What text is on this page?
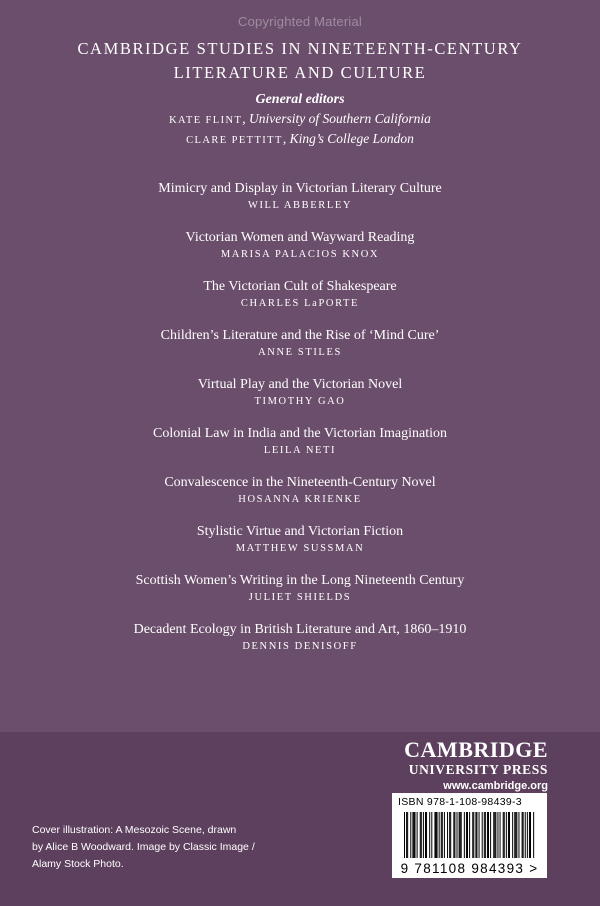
Copyrighted Material
CAMBRIDGE STUDIES IN NINETEENTH-CENTURY
LITERATURE AND CULTURE
General editors
KATE FLINT, University of Southern California
CLARE PETTITT, King’s College London
Mimicry and Display in Victorian Literary Culture
WILL ABBERLEY
Victorian Women and Wayward Reading
MARISA PALACIOS KNOX
The Victorian Cult of Shakespeare
CHARLES LaPORTE
Children’s Literature and the Rise of ‘Mind Cure’
ANNE STILES
Virtual Play and the Victorian Novel
TIMOTHY GAO
Colonial Law in India and the Victorian Imagination
LEILA NETI
Convalescence in the Nineteenth-Century Novel
HOSANNA KRIENKE
Stylistic Virtue and Victorian Fiction
MATTHEW SUSSMAN
Scottish Women’s Writing in the Long Nineteenth Century
JULIET SHIELDS
Decadent Ecology in British Literature and Art, 1860–1910
DENNIS DENISOFF
CAMBRIDGE
UNIVERSITY PRESS
www.cambridge.org
ISBN 978-1-108-98439-3
9 781108 984393 >
Cover illustration: A Mesozoic Scene, drawn
by Alice B Woodward. Image by Classic Image /
Alamy Stock Photo.
